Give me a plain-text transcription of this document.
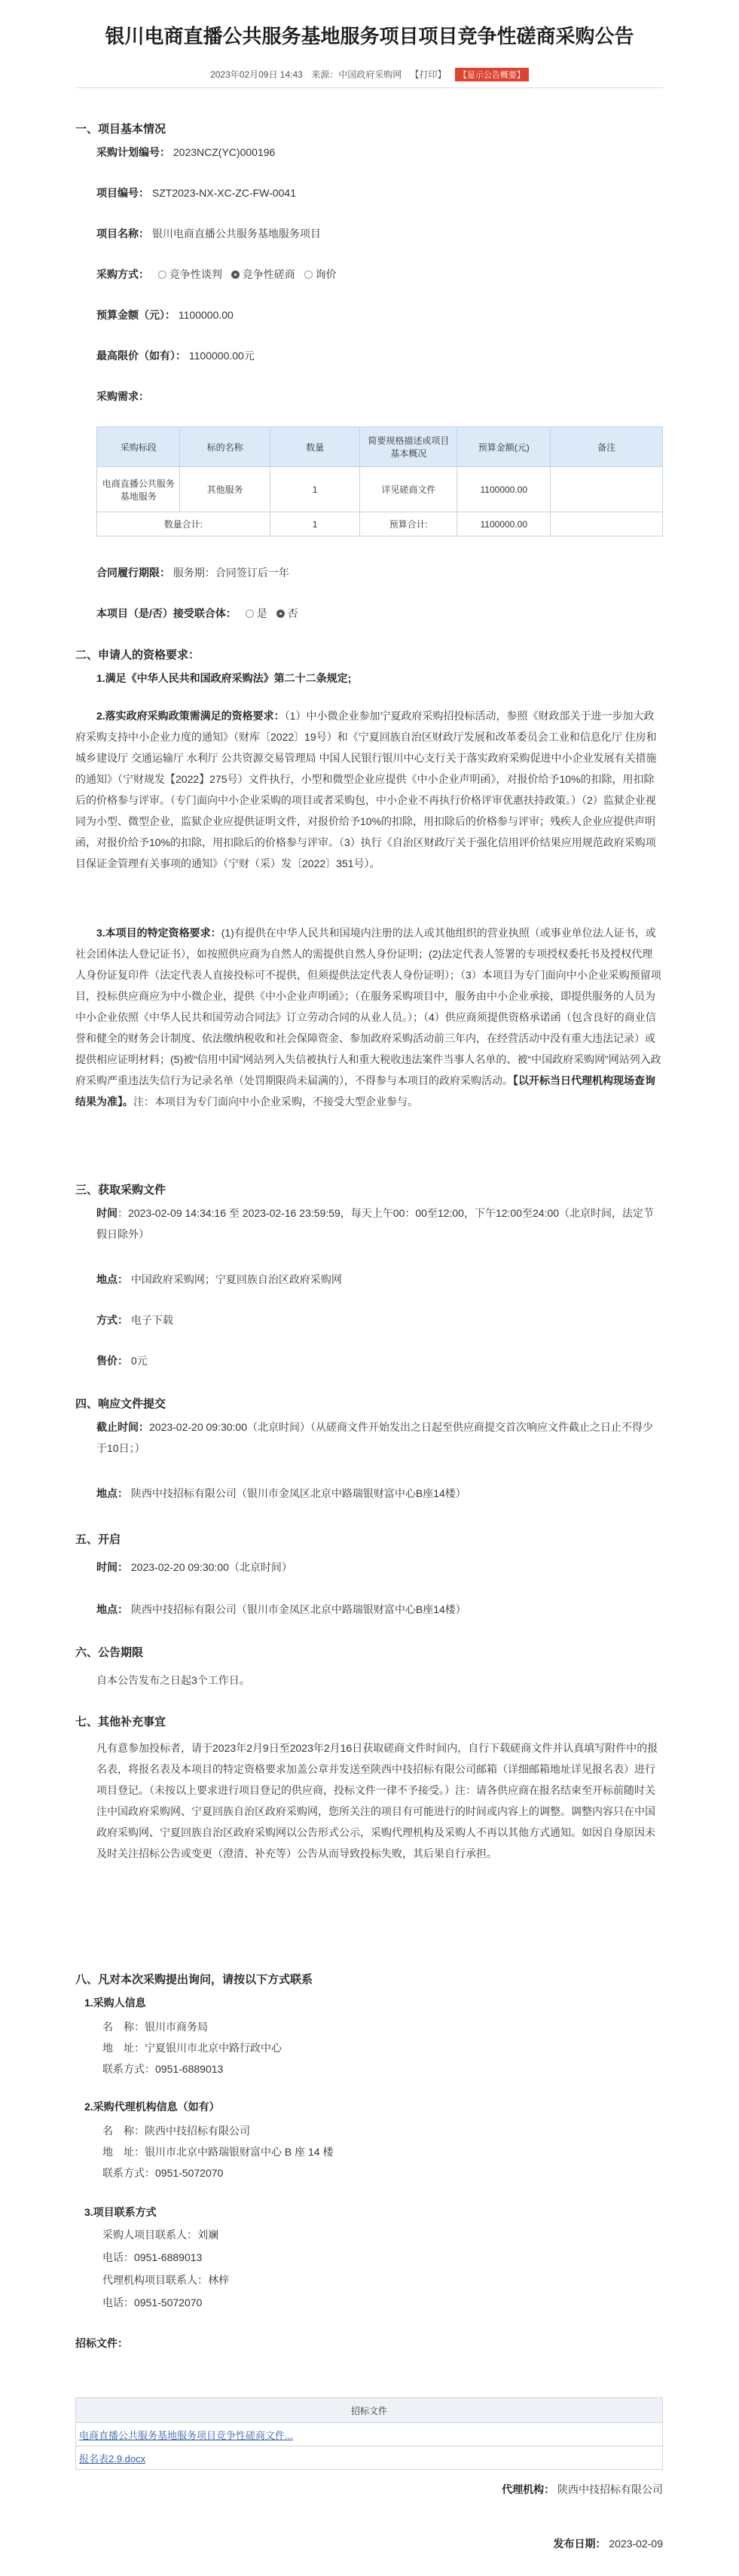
银川电商直播公共服务基地服务项目项目竞争性磋商采购公告
2023年02月09日 14:43 来源：中国政府采购网 【打印】 【显示公告概要】
一、项目基本情况
采购计划编号： 2023NCZ(YC)000196
项目编号： SZT2023-NX-XC-ZC-FW-0041
项目名称： 银川电商直播公共服务基地服务项目
采购方式： 竞争性谈判 竞争性磋商 询价
预算金额（元）： 1100000.00
最高限价（如有）： 1100000.00元
采购需求：
采购标段	标的名称	数量	简要规格描述或项目基本概况	预算金额(元)	备注
电商直播公共服务基地服务	其他服务	1	详见磋商文件	1100000.00	
数量合计:		1	预算合计:	1100000.00	
合同履行期限： 服务期：合同签订后一年
本项目（是/否）接受联合体： 是 否
二、申请人的资格要求：
1.满足《中华人民共和国政府采购法》第二十二条规定;
2.落实政府采购政策需满足的资格要求：（1）中小微企业参加宁夏政府采购招投标活动，参照《财政部关于进一步加大政府采购支持中小企业力度的通知》（财库〔2022〕19号）和《宁夏回族自治区财政厅发展和改革委员会工业和信息化厅 住房和城乡建设厅 交通运输厅 水利厅 公共资源交易管理局 中国人民银行银川中心支行关于落实政府采购促进中小企业发展有关措施的通知》（宁财规发【2022】275号）文件执行，小型和微型企业应提供《中小企业声明函》，对报价给予10%的扣除，用扣除后的价格参与评审。（专门面向中小企业采购的项目或者采购包，中小企业不再执行价格评审优惠扶持政策。）（2）监狱企业视同为小型、微型企业，监狱企业应提供证明文件，对报价给予10%的扣除，用扣除后的价格参与评审；残疾人企业应提供声明函，对报价给予10%的扣除，用扣除后的价格参与评审。（3）执行《自治区财政厅关于强化信用评价结果应用规范政府采购项目保证金管理有关事项的通知》（宁财（采）发〔2022〕351号）。
3.本项目的特定资格要求：(1)有提供在中华人民共和国境内注册的法人或其他组织的营业执照（或事业单位法人证书，或社会团体法人登记证书），如按照供应商为自然人的需提供自然人身份证明；(2)法定代表人签署的专项授权委托书及授权代理人身份证复印件（法定代表人直接投标可不提供，但须提供法定代表人身份证明）；（3）本项目为专门面向中小企业采购预留项目，投标供应商应为中小微企业，提供《中小企业声明函》；（在服务采购项目中，服务由中小企业承接，即提供服务的人员为中小企业依照《中华人民共和国劳动合同法》订立劳动合同的从业人员。）；（4）供应商须提供资格承诺函（包含良好的商业信誉和健全的财务会计制度、依法缴纳税收和社会保障资金、参加政府采购活动前三年内，在经营活动中没有重大违法记录）或提供相应证明材料；(5)被“信用中国”网站列入失信被执行人和重大税收违法案件当事人名单的、被“中国政府采购网”网站列入政府采购严重违法失信行为记录名单（处罚期限尚未届满的），不得参与本项目的政府采购活动。【以开标当日代理机构现场查询结果为准】。注：本项目为专门面向中小企业采购，不接受大型企业参与。
三、获取采购文件
时间：2023-02-09 14:34:16 至 2023-02-16 23:59:59，每天上午00：00至12:00，下午12:00至24:00（北京时间，法定节假日除外）
地点： 中国政府采购网；宁夏回族自治区政府采购网
方式： 电子下载
售价： 0元
四、响应文件提交
截止时间：2023-02-20 09:30:00（北京时间）（从磋商文件开始发出之日起至供应商提交首次响应文件截止之日止不得少于10日；）
地点： 陕西中技招标有限公司（银川市金凤区北京中路瑞银财富中心B座14楼）
五、开启
时间： 2023-02-20 09:30:00（北京时间）
地点： 陕西中技招标有限公司（银川市金凤区北京中路瑞银财富中心B座14楼）
六、公告期限
自本公告发布之日起3个工作日。
七、其他补充事宜
凡有意参加投标者，请于2023年2月9日至2023年2月16日获取磋商文件时间内，自行下载磋商文件并认真填写附件中的报名表，将报名表及本项目的特定资格要求加盖公章并发送至陕西中技招标有限公司邮箱（详细邮箱地址详见报名表）进行项目登记。（未按以上要求进行项目登记的供应商，投标文件一律不予接受。）注：请各供应商在报名结束至开标前随时关注中国政府采购网、宁夏回族自治区政府采购网，您所关注的项目有可能进行的时间或内容上的调整。调整内容只在中国政府采购网、宁夏回族自治区政府采购网以公告形式公示，采购代理机构及采购人不再以其他方式通知。如因自身原因未及时关注招标公告或变更（澄清、补充等）公告从而导致投标失败，其后果自行承担。
八、凡对本次采购提出询问，请按以下方式联系
1.采购人信息
名　称：银川市商务局
地　址：宁夏银川市北京中路行政中心
联系方式：0951-6889013
2.采购代理机构信息（如有）
名　称：陕西中技招标有限公司
地　址：银川市北京中路瑞银财富中心 B 座 14 楼
联系方式：0951-5072070
3.项目联系方式
采购人项目联系人：刘斓
电话：0951-6889013
代理机构项目联系人：林梓
电话：0951-5072070
招标文件：
招标文件
电商直播公共服务基地服务项目竞争性磋商文件...
报名表2.9.docx
代理机构： 陕西中技招标有限公司
发布日期： 2023-02-09
